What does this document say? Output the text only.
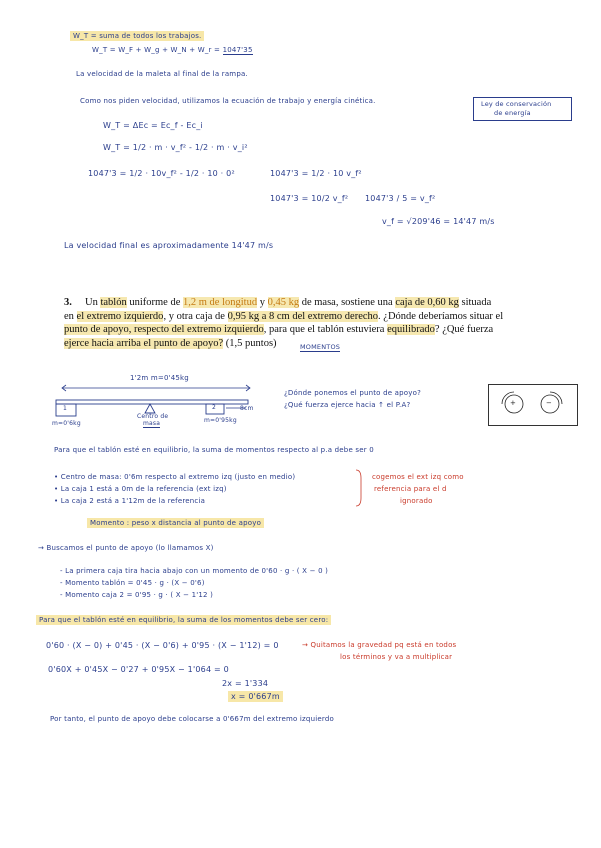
W_T = suma de todos los trabajos.
W_T = W_F + W_g + W_N + W_r = 1047'35
La velocidad de la maleta al final de la rampa.
Como nos piden velocidad, utilizamos la ecuación de trabajo y energía cinética.	Ley de conservación
de energía
W_T = ΔEc = Ec_f - Ec_i
W_T = 1/2 · m · v_f² - 1/2 · m · v_i²
1047'3 = 1/2 · 10v_f² - 1/2 · 10 · 0²	1047'3 = 1/2 · 10 v_f²
1047'3 = 10/2 v_f² 1047'3 / 5 = v_f²
v_f = √209'46 = 14'47 m/s
La velocidad final es aproximadamente 14'47 m/s
3. Un tablón uniforme de 1,2 m de longitud y 0,45 kg de masa, sostiene una caja de 0,60 kg situada
en el extremo izquierdo, y otra caja de 0,95 kg a 8 cm del extremo derecho. ¿Dónde deberíamos situar el
punto de apoyo, respecto del extremo izquierdo, para que el tablón estuviera equilibrado? ¿Qué fuerza
ejerce hacia arriba el punto de apoyo? (1,5 puntos)	MOMENTOS
1'2m m=0'45kg
1	2
m=0'6kg	m=0'95kg
Centro de
masa
8cm
¿Dónde ponemos el punto de apoyo?
¿Qué fuerza ejerce hacia ↑ el P.A?	+	−
Para que el tablón esté en equilibrio, la suma de momentos respecto al p.a debe ser 0
• Centro de masa: 0'6m respecto al extremo izq (justo en medio)
• La caja 1 está a 0m de la referencia (ext izq)
• La caja 2 está a 1'12m de la referencia
cogemos el ext izq como
referencia para el d
ignorado
Momento : peso x distancia al punto de apoyo
→ Buscamos el punto de apoyo (lo llamamos X)
- La primera caja tira hacia abajo con un momento de 0'60 · g · ( X − 0 )
- Momento tablón = 0'45 · g · (X − 0'6)
- Momento caja 2 = 0'95 · g · ( X − 1'12 )
Para que el tablón esté en equilibrio, la suma de los momentos debe ser cero:
0'60 · (X − 0) + 0'45 · (X − 0'6) + 0'95 · (X − 1'12) = 0	→ Quitamos la gravedad pq está en todos
los términos y va a multiplicar
0'60X + 0'45X − 0'27 + 0'95X − 1'064 = 0
2x = 1'334
x = 0'667m
Por tanto, el punto de apoyo debe colocarse a 0'667m del extremo izquierdo
